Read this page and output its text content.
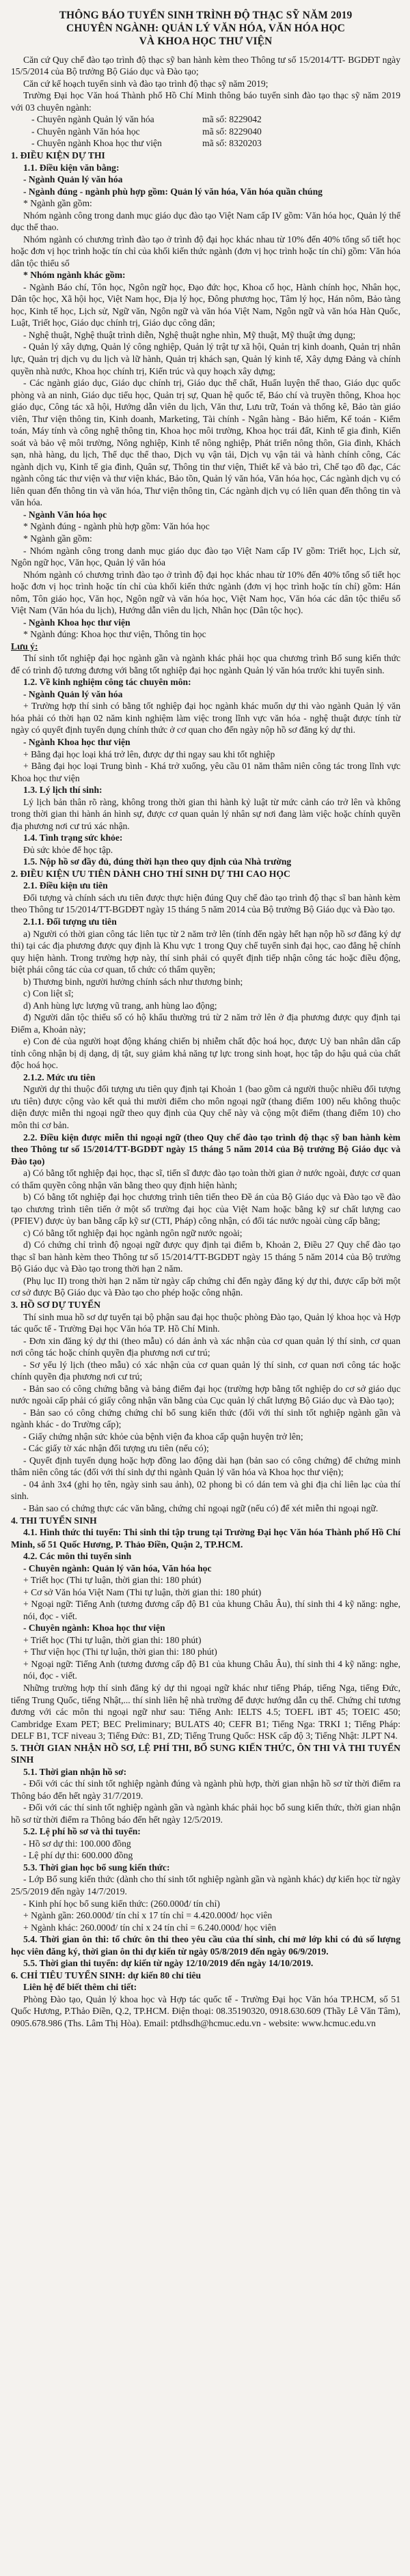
THÔNG BÁO TUYỂN SINH TRÌNH ĐỘ THẠC SỸ NĂM 2019
CHUYÊN NGÀNH: QUẢN LÝ VĂN HÓA, VĂN HÓA HỌC
VÀ KHOA HỌC THƯ VIỆN
Căn cứ Quy chế đào tạo trình độ thạc sỹ ban hành kèm theo Thông tư số 15/2014/TT- BGDĐT ngày 15/5/2014 của Bộ trưởng Bộ Giáo dục và Đào tạo;
Căn cứ kế hoạch tuyển sinh và đào tạo trình độ thạc sỹ năm 2019;
Trường Đại học Văn hoá Thành phố Hồ Chí Minh thông báo tuyển sinh đào tạo thạc sỹ năm 2019 với 03 chuyên ngành:
- Chuyên ngành Quản lý văn hóa	mã số: 8229042
- Chuyên ngành Văn hóa học	mã số: 8229040
- Chuyên ngành Khoa học thư viện	mã số: 8320203
1. ĐIỀU KIỆN DỰ THI
1.1. Điều kiện văn bằng:
- Ngành Quản lý văn hóa
- Ngành đúng - ngành phù hợp gồm: Quản lý văn hóa, Văn hóa quần chúng
* Ngành gần gồm:
Nhóm ngành công trong danh mục giáo dục đào tạo Việt Nam cấp IV gồm: Văn hóa học, Quản lý thể dục thể thao.
Nhóm ngành có chương trình đào tạo ở trình độ đại học khác nhau từ 10% đến 40% tổng số tiết học hoặc đơn vị học trình hoặc tín chỉ của khối kiến thức ngành (đơn vị học trình hoặc tín chỉ) gồm: Văn hóa dân tộc thiểu số
* Nhóm ngành khác gồm:
- Ngành Báo chí, Tôn học, Ngôn ngữ học, Đạo đức học, Khoa cổ học, Hành chính học, Nhân học, Dân tộc học, Xã hội học, Việt Nam học, Địa lý học, Đông phương học, Tâm lý học, Hán nôm, Bảo tàng học, Kinh tế học, Lịch sử, Ngữ văn, Ngôn ngữ và văn hóa Việt Nam, Ngôn ngữ và văn hóa Hàn Quốc, Luật, Triết học, Giáo dục chính trị, Giáo dục công dân;
- Nghệ thuật, Nghệ thuật trình diễn, Nghệ thuật nghe nhìn, Mỹ thuật, Mỹ thuật ứng dụng;
- Quản lý xây dựng, Quản lý công nghiệp, Quản lý trật tự xã hội, Quản trị kinh doanh, Quản trị nhân lực, Quản trị dịch vụ du lịch và lữ hành, Quản trị khách sạn, Quản lý kinh tế, Xây dựng Đảng và chính quyền nhà nước, Khoa học chính trị, Kiến trúc và quy hoạch xây dựng;
- Các ngành giáo dục, Giáo dục chính trị, Giáo dục thể chất, Huấn luyện thể thao, Giáo dục quốc phòng và an ninh, Giáo dục tiểu học, Quản trị sự, Quan hệ quốc tế, Báo chí và truyền thông, Khoa học giáo dục, Công tác xã hội, Hướng dẫn viên du lịch, Văn thư, Lưu trữ, Toán và thống kê, Bảo tàn giáo viên, Thư viện thông tin, Kinh doanh, Marketing, Tài chính - Ngân hàng - Bảo hiểm, Kế toán - Kiểm toán, Máy tính và công nghệ thông tin, Khoa học môi trường, Khoa học trái đất, Kinh tế gia đình, Kiến soát và bảo vệ môi trường, Nông nghiệp, Kinh tế nông nghiệp, Phát triển nông thôn, Gia đình, Khách sạn, nhà hàng, du lịch, Thể dục thể thao, Dịch vụ vận tải, Dịch vụ vận tải và hành chính công, Các ngành dịch vụ, Kinh tế gia đình, Quân sự, Thông tin thư viện, Thiết kế và bảo trì, Chế tạo đồ đạc, Các ngành công tác thư viện và thư viện khác, Bảo tồn, Quản lý văn hóa, Văn hóa học, Các ngành dịch vụ có liên quan đến thông tin và văn hóa, Thư viện thông tin, Các ngành dịch vụ có liên quan đến thông tin và văn hóa.
- Ngành Văn hóa học
* Ngành đúng - ngành phù hợp gồm: Văn hóa học
* Ngành gần gồm:
- Nhóm ngành công trong danh mục giáo dục đào tạo Việt Nam cấp IV gồm: Triết học, Lịch sử, Ngôn ngữ học, Văn học, Quản lý văn hóa
Nhóm ngành có chương trình đào tạo ở trình độ đại học khác nhau từ 10% đến 40% tổng số tiết học hoặc đơn vị học trình hoặc tín chỉ của khối kiến thức ngành (đơn vị học trình hoặc tín chỉ) gồm: Hán nôm, Tôn giáo học, Văn học, Ngôn ngữ và văn hóa học, Việt Nam học, Văn hóa các dân tộc thiểu số Việt Nam (Văn hóa du lịch), Hướng dẫn viên du lịch, Nhân học (Dân tộc học).
- Ngành Khoa học thư viện
* Ngành đúng: Khoa học thư viện, Thông tin học
Lưu ý:
Thí sinh tốt nghiệp đại học ngành gần và ngành khác phải học qua chương trình Bổ sung kiến thức để có trình độ tương đương với bằng tốt nghiệp đại học ngành Quản lý văn hóa trước khi tuyển sinh.
1.2. Về kinh nghiệm công tác chuyên môn:
- Ngành Quản lý văn hóa
+ Trường hợp thí sinh có bằng tốt nghiệp đại học ngành khác muốn dự thi vào ngành Quản lý văn hóa phải có thời hạn 02 năm kinh nghiệm làm việc trong lĩnh vực văn hóa - nghệ thuật được tính từ ngày có quyết định tuyển dụng chính thức ở cơ quan cho đến ngày nộp hồ sơ đăng ký dự thi.
- Ngành Khoa học thư viện
+ Bằng đại học loại khá trở lên, được dự thi ngay sau khi tốt nghiệp
+ Bằng đại học loại Trung bình - Khá trở xuống, yêu cầu 01 năm thâm niên công tác trong lĩnh vực Khoa học thư viện
1.3. Lý lịch thí sinh:
Lý lịch bản thân rõ ràng, không trong thời gian thi hành kỷ luật từ mức cảnh cáo trở lên và không trong thời gian thi hành án hình sự, được cơ quan quản lý nhân sự nơi đang làm việc hoặc chính quyền địa phương nơi cư trú xác nhận.
1.4. Tình trạng sức khỏe:
Đủ sức khỏe để học tập.
1.5. Nộp hồ sơ đầy đủ, đúng thời hạn theo quy định của Nhà trường
2. ĐIỀU KIỆN ƯU TIÊN DÀNH CHO THÍ SINH DỰ THI CAO HỌC
2.1. Điều kiện ưu tiên
Đối tượng và chính sách ưu tiên được thực hiện đúng Quy chế đào tạo trình độ thạc sĩ ban hành kèm theo Thông tư 15/2014/TT-BGDĐT ngày 15 tháng 5 năm 2014 của Bộ trưởng Bộ Giáo dục và Đào tạo.
2.1.1. Đối tượng ưu tiên
a) Người có thời gian công tác liên tục từ 2 năm trở lên (tính đến ngày hết hạn nộp hồ sơ đăng ký dự thi) tại các địa phương được quy định là Khu vực 1 trong Quy chế tuyển sinh đại học, cao đẳng hệ chính quy hiện hành. Trong trường hợp này, thí sinh phải có quyết định tiếp nhận công tác hoặc điều động, biệt phái công tác của cơ quan, tổ chức có thẩm quyền;
b) Thương binh, người hưởng chính sách như thương binh;
c) Con liệt sĩ;
d) Anh hùng lực lượng vũ trang, anh hùng lao động;
đ) Người dân tộc thiểu số có hộ khẩu thường trú từ 2 năm trở lên ở địa phương được quy định tại Điểm a, Khoản này;
e) Con đẻ của người hoạt động kháng chiến bị nhiễm chất độc hoá học, được Uỷ ban nhân dân cấp tỉnh công nhận bị dị dạng, dị tật, suy giảm khả năng tự lực trong sinh hoạt, học tập do hậu quả của chất độc hoá học.
2.1.2. Mức ưu tiên
Người dự thi thuộc đối tượng ưu tiên quy định tại Khoản 1 (bao gồm cả người thuộc nhiều đối tượng ưu tiên) được cộng vào kết quả thi mười điểm cho môn ngoại ngữ (thang điểm 100) nếu không thuộc diện được miễn thi ngoại ngữ theo quy định của Quy chế này và cộng một điểm (thang điểm 10) cho môn thi cơ bản.
2.2. Điều kiện được miễn thi ngoại ngữ (theo Quy chế đào tạo trình độ thạc sỹ ban hành kèm theo Thông tư số 15/2014/TT-BGDĐT ngày 15 tháng 5 năm 2014 của Bộ trưởng Bộ Giáo dục và Đào tạo)
a) Có bằng tốt nghiệp đại học, thạc sĩ, tiến sĩ được đào tạo toàn thời gian ở nước ngoài, được cơ quan có thẩm quyền công nhận văn bằng theo quy định hiện hành;
b) Có bằng tốt nghiệp đại học chương trình tiên tiến theo Đề án của Bộ Giáo dục và Đào tạo về đào tạo chương trình tiên tiến ở một số trường đại học của Việt Nam hoặc bằng kỹ sư chất lượng cao (PFIEV) được ủy ban bằng cấp kỹ sư (CTI, Pháp) công nhận, có đối tác nước ngoài cùng cấp bằng;
c) Có bằng tốt nghiệp đại học ngành ngôn ngữ nước ngoài;
d) Có chứng chỉ trình độ ngoại ngữ được quy định tại điểm b, Khoản 2, Điều 27 Quy chế đào tạo thạc sĩ ban hành kèm theo Thông tư số 15/2014/TT-BGDĐT ngày 15 tháng 5 năm 2014 của Bộ trưởng Bộ Giáo dục và Đào tạo trong thời hạn 2 năm.
(Phụ lục II) trong thời hạn 2 năm từ ngày cấp chứng chỉ đến ngày đăng ký dự thi, được cấp bởi một cơ sở được Bộ Giáo dục và Đào tạo cho phép hoặc công nhận.
3. HỒ SƠ DỰ TUYỂN
Thí sinh mua hồ sơ dự tuyển tại bộ phận sau đại học thuộc phòng Đào tạo, Quản lý khoa học và Hợp tác quốc tế - Trường Đại học Văn hóa TP. Hồ Chí Minh.
- Đơn xin đăng ký dự thi (theo mẫu) có dán ảnh và xác nhận của cơ quan quản lý thí sinh, cơ quan nơi công tác hoặc chính quyền địa phương nơi cư trú;
- Sơ yếu lý lịch (theo mẫu) có xác nhận của cơ quan quản lý thí sinh, cơ quan nơi công tác hoặc chính quyền địa phương nơi cư trú;
- Bản sao có công chứng bằng và bảng điểm đại học (trường hợp bằng tốt nghiệp do cơ sở giáo dục nước ngoài cấp phải có giấy công nhận văn bằng của Cục quản lý chất lượng Bộ Giáo dục và Đào tạo);
- Bản sao có công chứng chứng chỉ bổ sung kiến thức (đối với thí sinh tốt nghiệp ngành gần và ngành khác - do Trường cấp);
- Giấy chứng nhận sức khỏe của bệnh viện đa khoa cấp quận huyện trở lên;
- Các giấy tờ xác nhận đối tượng ưu tiên (nếu có);
- Quyết định tuyển dụng hoặc hợp đồng lao động dài hạn (bản sao có công chứng) để chứng minh thâm niên công tác (đối với thí sinh dự thi ngành Quản lý văn hóa và Khoa học thư viện);
- 04 ảnh 3x4 (ghi họ tên, ngày sinh sau ảnh), 02 phong bì có dán tem và ghi địa chỉ liên lạc của thí sinh.
- Bản sao có chứng thực các văn bằng, chứng chỉ ngoại ngữ (nếu có) để xét miễn thi ngoại ngữ.
4. THI TUYỂN SINH
4.1. Hình thức thi tuyển: Thi sinh thi tập trung tại Trường Đại học Văn hóa Thành phố Hồ Chí Minh, số 51 Quốc Hương, P. Thảo Điền, Quận 2, TP.HCM.
4.2. Các môn thi tuyển sinh
- Chuyên ngành: Quản lý văn hóa, Văn hóa học
+ Triết học (Thi tự luận, thời gian thi: 180 phút)
+ Cơ sở Văn hóa Việt Nam (Thi tự luận, thời gian thi: 180 phút)
+ Ngoại ngữ: Tiếng Anh (tương đương cấp độ B1 của khung Châu Âu), thí sinh thi 4 kỹ năng: nghe, nói, đọc - viết.
- Chuyên ngành: Khoa học thư viện
+ Triết học (Thi tự luận, thời gian thi: 180 phút)
+ Thư viện học (Thi tự luận, thời gian thi: 180 phút)
+ Ngoại ngữ: Tiếng Anh (tương đương cấp độ B1 của khung Châu Âu), thí sinh thi 4 kỹ năng: nghe, nói, đọc - viết.
Những trường hợp thí sinh đăng ký dự thi ngoại ngữ khác như tiếng Pháp, tiếng Nga, tiếng Đức, tiếng Trung Quốc, tiếng Nhật,... thí sinh liên hệ nhà trường để được hướng dẫn cụ thể. Chứng chỉ tương đương với các môn thi ngoại ngữ như sau: Tiếng Anh: IELTS 4.5; TOEFL iBT 45; TOEIC 450; Cambridge Exam PET; BEC Preliminary; BULATS 40; CEFR B1; Tiếng Nga: TRKI 1; Tiếng Pháp: DELF B1, TCF niveau 3; Tiếng Đức: B1, ZD; Tiếng Trung Quốc: HSK cấp độ 3; Tiếng Nhật: JLPT N4.
5. THỜI GIAN NHẬN HỒ SƠ, LỆ PHÍ THI, BỔ SUNG KIẾN THỨC, ÔN THI VÀ THI TUYỂN SINH
5.1. Thời gian nhận hồ sơ:
- Đối với các thí sinh tốt nghiệp ngành đúng và ngành phù hợp, thời gian nhận hồ sơ từ thời điểm ra Thông báo đến hết ngày 31/7/2019.
- Đối với các thí sinh tốt nghiệp ngành gần và ngành khác phải học bổ sung kiến thức, thời gian nhận hồ sơ từ thời điểm ra Thông báo đến hết ngày 12/5/2019.
5.2. Lệ phí hồ sơ và thi tuyển:
- Hồ sơ dự thi: 100.000 đồng
- Lệ phí dự thi: 600.000 đồng
5.3. Thời gian học bổ sung kiến thức:
- Lớp Bổ sung kiến thức (dành cho thí sinh tốt nghiệp ngành gần và ngành khác) dự kiến học từ ngày 25/5/2019 đến ngày 14/7/2019.
- Kinh phí học bổ sung kiến thức: (260.000đ/ tín chỉ)
+ Ngành gần: 260.000đ/ tín chỉ x 17 tín chỉ = 4.420.000đ/ học viên
+ Ngành khác: 260.000đ/ tín chỉ x 24 tín chỉ = 6.240.000đ/ học viên
5.4. Thời gian ôn thi: tổ chức ôn thi theo yêu cầu của thí sinh, chỉ mở lớp khi có đủ số lượng học viên đăng ký, thời gian ôn thi dự kiến từ ngày 05/8/2019 đến ngày 06/9/2019.
5.5. Thời gian thi tuyển: dự kiến từ ngày 12/10/2019 đến ngày 14/10/2019.
6. CHỈ TIÊU TUYỂN SINH: dự kiến 80 chỉ tiêu
Liên hệ để biết thêm chi tiết:
Phòng Đào tạo, Quản lý khoa học và Hợp tác quốc tế - Trường Đại học Văn hóa TP.HCM, số 51 Quốc Hương, P.Thảo Điền, Q.2, TP.HCM. Điện thoại: 08.35190320, 0918.630.609 (Thầy Lê Văn Tâm), 0905.678.986 (Ths. Lâm Thị Hòa). Email: ptdhsdh@hcmuc.edu.vn - website: www.hcmuc.edu.vn
